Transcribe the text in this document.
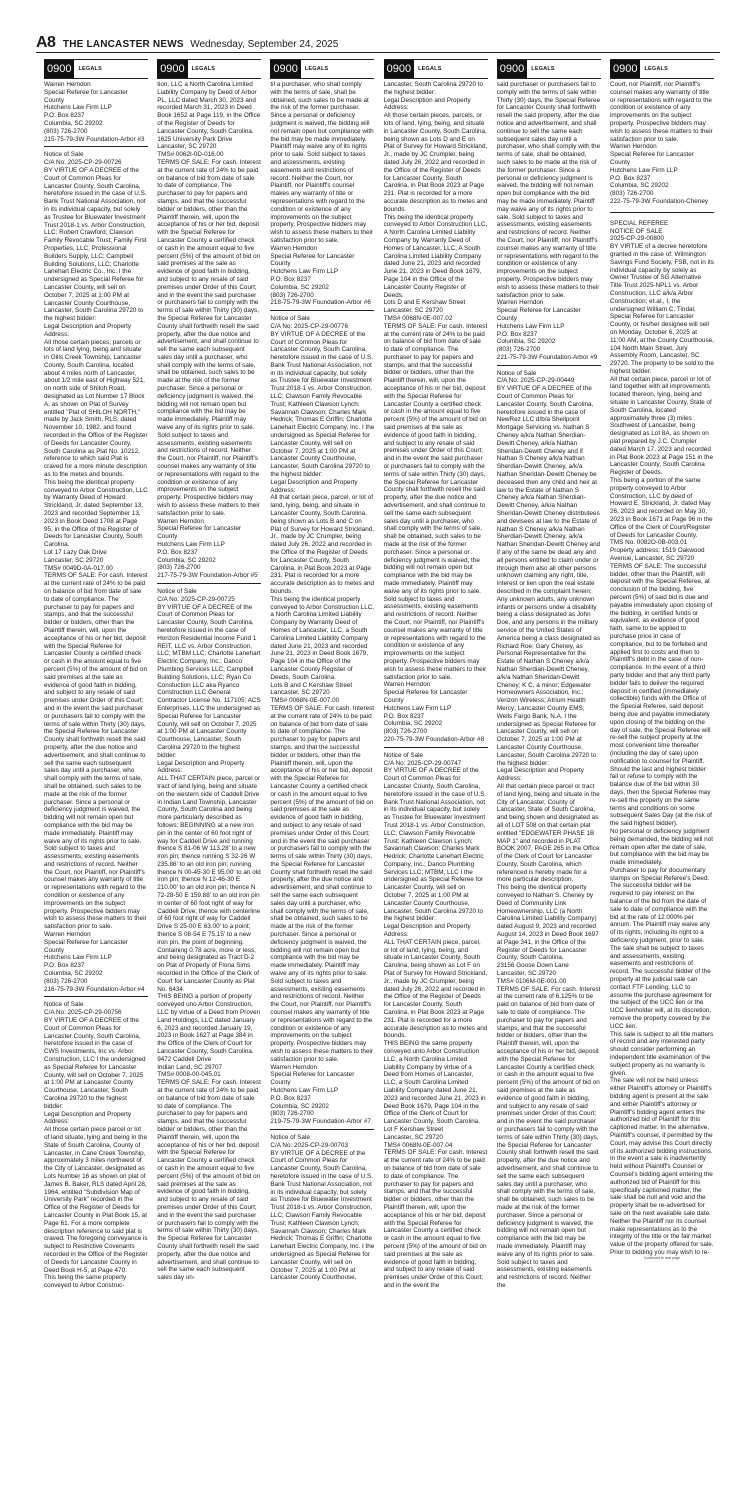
A8 THE LANCASTER NEWS Wednesday, September 24, 2025
0900	LEGALS
Warren Herndon
Special Referee for Lancaster County
Hutchens Law Firm LLP
P.O. Box 8237
Columbia, SC 29202
(803) 726-2700
215-75-79-3W Foundation-Arbor #3
Notice of Sale
C/A No: 2025-CP-29-00726
BY VIRTUE OF A DECREE of the Court of Common Pleas for Lancaster County, South Carolina, heretofore issued in the case of U.S. Bank Trust National Association, not in its individual capacity, but solely as Trustee for Bluewater Investment Trust 2018-1 vs. Arbor Construction, LLC; Robert Crawford; Clawson Family Revocable Trust; Family First Properties, LLC; Professional Builders Supply, LLC; Campbell Building Solutions, LLC; Charlotte Lanehart Electric Co., Inc. I the undersigned as Special Referee for Lancaster County, will sell on October 7, 2025 at 1:00 PM at Lancaster County Courthouse, Lancaster, South Carolina 29720 to the highest bidder:
Legal Description and Property Address:
All those certain pieces, parcels or lots of land lying, being and situate in Gills Creek Township, Lancaster County, South Carolina, located about 4 miles north of Lancaster, about 1/2 mile east of Highway 521, on north side of Shiloh Road, designated as Lot Number 17 Block A, as shown on Plat of Survey entitled "Plat of SHILOH NORTH," made by Jack Smith, RLS, dated November 10, 1982, and found recorded in the Office of the Register of Deeds for Lancaster County, South Carolina as Plat No. 10212, reference to which said Plat is craved for a more minute description as to the metes and bounds.
This being the identical property conveyed to Arbor Construction, LLC by Warranty Deed of Howard Strickland, Jr. dated September 13, 2023 and recorded September 13, 2023 in Book Deed 1708 at Page 95, in the Office of the Register of Deeds for Lancaster County, South Carolina.
Lot 17 Lazy Oak Drive
Lancaster, SC 29720
TMS# 0049D-0A-017.00
TERMS OF SALE: For cash. Interest at the current rate of 24% to be paid on balance of bid from date of sale to date of compliance. The purchaser to pay for papers and stamps, and that the successful bidder or bidders, other than the Plaintiff therein, will, upon the acceptance of his or her bid, deposit with the Special Referee for Lancaster County a certified check or cash in the amount equal to five percent (5%) of the amount of bid on said premises at the sale as evidence of good faith in bidding, and subject to any resale of said premises under Order of this Court; and in the event the said purchaser or purchasers fail to comply with the terms of sale within Thirty (30) days, the Special Referee for Lancaster County shall forthwith resell the said property, after the due notice and advertisement, and shall continue to sell the same each subsequent sales day until a purchaser, who shall comply with the terms of sale, shall be obtained, such sales to be made at the risk of the former purchaser. Since a personal or deficiency judgment is waived, the bidding will not remain open but compliance with the bid may be made immediately. Plaintiff may waive any of its rights prior to sale. Sold subject to taxes and assessments, existing easements and restrictions of record. Neither the Court, nor Plaintiff, nor Plaintiff's counsel makes any warranty of title or representations with regard to the condition or existence of any improvements on the subject property. Prospective bidders may wish to assess these matters to their satisfaction prior to sale.
Warren Herndon
Special Referee for Lancaster County
Hutchens Law Firm LLP
P.O. Box 8237
Columbia, SC 29202
(803) 726-2700
216-75-79-3W Foundation-Arbor #4
Notice of Sale
C/A No: 2025-CP-29-00756
BY VIRTUE OF A DECREE of the Court of Common Pleas for Lancaster County, South Carolina, heretofore issued in the case of CWS Investments, Inc vs. Arbor Construction, LLC I the undersigned as Special Referee for Lancaster County, will sell on October 7, 2025 at 1:00 PM at Lancaster County Courthouse, Lancaster, South Carolina 29720 to the highest bidder:
Legal Description and Property Address:
All those certain piece parcel or lot of land situate, lying and being in the State of South Carolina, County of Lancaster, in Cane Creek Township, approximately 3 miles northwest of the City of Lancaster, designated as Lots Number 16 as shown on plat of James B. Baker, RLS dated April 28, 1964, entitled "Subdivision Map of University Park" recorded in the Office of the Register of Deeds for Lancaster County in Plat Book 15, at Page 61. For a more complete description reference to said plat is craved. The foregoing conveyance is subject to Restrictive Covenants recorded in the Office of the Register of Deeds for Lancaster County in Deed Book H-5, at Page 470.
This being the same property conveyed to Arbor Construc-
0900	LEGALS
tion, LLC a North Carolina Limited Liability Company by Deed of Arbor PL, LLC dated March 30, 2023 and recorded March 31, 2023 in Deed Book 1652 at Page 119, in the Office of the Register of Deeds for Lancaster County, South Carolina.
1625 University Park Drive
Lancaster, SC 29720
TMS# 0062I-0D-016.00
TERMS OF SALE: For cash. Interest at the current rate of 24% to be paid on balance of bid from date of sale to date of compliance. The purchaser to pay for papers and stamps, and that the successful bidder or bidders, other than the Plaintiff therein, will, upon the acceptance of his or her bid, deposit with the Special Referee for Lancaster County a certified check or cash in the amount equal to five percent (5%) of the amount of bid on said premises at the sale as evidence of good faith in bidding, and subject to any resale of said premises under Order of this Court; and in the event the said purchaser or purchasers fail to comply with the terms of sale within Thirty (30) days, the Special Referee for Lancaster County shall forthwith resell the said property, after the due notice and advertisement, and shall continue to sell the same each subsequent sales day until a purchaser, who shall comply with the terms of sale, shall be obtained, such sales to be made at the risk of the former purchaser. Since a personal or deficiency judgment is waived, the bidding will not remain open but compliance with the bid may be made immediately. Plaintiff may waive any of its rights prior to sale. Sold subject to taxes and assessments, existing easements and restrictions of record. Neither the Court, nor Plaintiff, nor Plaintiff's counsel makes any warranty of title or representations with regard to the condition or existence of any improvements on the subject property. Prospective bidders may wish to assess these matters to their satisfaction prior to sale.
Warren Herndon
Special Referee for Lancaster County
Hutchens Law Firm LLP
P.O. Box 8237
Columbia, SC 29202
(803) 726-2700
217-75-79-3W Foundation-Arbor #5
Notice of Sale
C/A No: 2025-CP-29-00725
BY VIRTUE OF A DECREE of the Court of Common Pleas for Lancaster County, South Carolina, heretofore issued in the case of Horizon Residential Income Fund 1 REIT, LLC vs. Arbor Construction, LLC; MTBM LLC; Charlotte Lanehart Electric Company, Inc.; Danco Plumbing Services LLC; Campbell Building Solutions, LLC; Ryan Co Constuction LLC aka Ryanco Construction LLC General Contractor License No. 117105; ACS Enterprises, LLC the undersigned as Special Referee for Lancaster County, will sell on October 7, 2025 at 1:00 PM at Lancaster County Courthouse, Lancaster, South Carolina 29720 to the highest bidder:
Legal Description and Property Address:
ALL THAT CERTAIN piece, parcel or tract of land lying, being and situate on the western side of Caddell Drive in Indian Land Township, Lancaster County, South Carolina and being more particularly described as follows: BEGINNING at a new iron pin in the center of 60 foot right of way for Caddell Drive and running thence S 81-06 W 113.28' to a new iron pin; thence running S 32-26 W 235.86' to an old iron pin; running thence N 00-45-30 E 95.00' to an old iron pin; thence N 12-46-30 E 210.00' to an old iron pin; thence N 72-28-50 E 159.88' to an old iron pin in center of 60 foot right of way for Caddell Drive; thence with centerline of 60 foot right of way for Caddell Drive S 25-00 E 63.00' to a point; thence S 08-54 E 75.15' to a new iron pin, the point of beginning. Containing 0.78 acre, more or less, and being designated as Tract D-2 on Plat of Property of Floria Sims recorded in the Office of the Clerk of Court for Lancaster County as Plat No. 6434.
THIS BEING a portion of property conveyed uno Arbor Construction, LLC by virtue of a Deed from Proven Land Holdings, LLC dated January 6, 2023 and recorded January 19, 2023 in Book 1627 at Page 384 in the Office of the Clerk of Court for Lancaster County, South Carolina.
9472 Caddell Drive
Indian Land, SC 29707
TMS# 0008-00-045.01
TERMS OF SALE: For cash. Interest at the current rate of 24% to be paid on balance of bid from date of sale to date of compliance. The purchaser to pay for papers and stamps, and that the successful bidder or bidders, other than the Plaintiff therein, will, upon the acceptance of his or her bid, deposit with the Special Referee for Lancaster County a certified check or cash in the amount equal to five percent (5%) of the amount of bid on said premises at the sale as evidence of good faith in bidding, and subject to any resale of said premises under Order of this Court; and in the event the said purchaser or purchasers fail to comply with the terms of sale within Thirty (30) days, the Special Referee for Lancaster County shall forthwith resell the said property, after the due notice and advertisement, and shall continue to sell the same each subsequent sales day un-
0900	LEGALS
til a purchaser, who shall comply with the terms of sale, shall be obtained, such sales to be made at the risk of the former purchaser. Since a personal or deficiency judgment is waived, the bidding will not remain open but compliance with the bid may be made immediately. Plaintiff may waive any of its rights prior to sale. Sold subject to taxes and assessments, existing easements and restrictions of record. Neither the Court, nor Plaintiff, nor Plaintiff's counsel makes any warranty of title or representations with regard to the condition or existence of any improvements on the subject property. Prospective bidders may wish to assess these matters to their satisfaction prior to sale.
Warren Herndon
Special Referee for Lancaster County
Hutchens Law Firm LLP
P.O. Box 8237
Columbia, SC 29202
(803) 726-2700
218-75-79-3W Foundation-Arbor #6
Notice of Sale
C/A No: 2025-CP-29-00776
BY VIRTUE OF A DECREE of the Court of Common Pleas for Lancaster County, South Carolina, heretofore issued in the case of U.S. Bank Trust National Association, not in its individual capacity, but solely as Trustee for Bluewater Investment Trust 2018-1 vs. Arbor Construction, LLC; Clawson Family Revocable Trust; Kathleen Clawson Lynch; Savannah Clawson; Charles Mark Hedrick; Thomas E Griffin; Charlotte Lanehart Electric Company, Inc. I the undersigned as Special Referee for Lancaster County, will sell on October 7, 2025 at 1:00 PM at Lancaster County Courthouse, Lancaster, South Carolina 29720 to the highest bidder:
Legal Description and Property Address:
All that certain piece, parcel, or lot of land, lying, being, and situate in Lancaster County, South Carolina, being shown as Lots B and C on Plat of Survey for Howard Strickland, Jr., made by JC Crumpler, being dated July 26, 2022 and recorded in the Office of the Register of Deeds for Lancaster County, South Carolina, in Plat Book 2023 at Page 231. Plat is recorded for a more accurate description as to metes and bounds.
This being the identical property conveyed to Arbor Construction LLC, a North Carolina Limited Liability Company by Warranty Deed of Homes of Lancaster, LLC, a South Carolina Limited Liability Company dated June 21, 2023 and recorded June 21, 2023 in Deed Book 1679, Page 104 in the Office of the Lancaster County Register of Deeds, South Carolina.
Lots B and C Kershaw Street
Lancaster, SC 29720
TMS# 0068N-0E-007.00
TERMS OF SALE: For cash. Interest at the current rate of 24% to be paid on balance of bid from date of sale to date of compliance. The purchaser to pay for papers and stamps, and that the successful bidder or bidders, other than the Plaintiff therein, will, upon the acceptance of his or her bid, deposit with the Special Referee for Lancaster County a certified check or cash in the amount equal to five percent (5%) of the amount of bid on said premises at the sale as evidence of good faith in bidding, and subject to any resale of said premises under Order of this Court; and in the event the said purchaser or purchasers fail to comply with the terms of sale within Thirty (30) days, the Special Referee for Lancaster County shall forthwith resell the said property, after the due notice and advertisement, and shall continue to sell the same each subsequent sales day until a purchaser, who shall comply with the terms of sale, shall be obtained, such sales to be made at the risk of the former purchaser. Since a personal or deficiency judgment is waived, the bidding will not remain open but compliance with the bid may be made immediately. Plaintiff may waive any of its rights prior to sale. Sold subject to taxes and assessments, existing easements and restrictions of record. Neither the Court, nor Plaintiff, nor Plaintiff's counsel makes any warranty of title or representations with regard to the condition or existence of any improvements on the subject property. Prospective bidders may wish to assess these matters to their satisfaction prior to sale.
Warren Herndon
Special Referee for Lancaster County
Hutchens Law Firm LLP
P.O. Box 8237
Columbia, SC 29202
(803) 726-2700
219-75-79-3W Foundation-Arbor #7
Notice of Sale
C/A No: 2025-CP-29-00703
BY VIRTUE OF A DECREE of the Court of Common Pleas for Lancaster County, South Carolina, heretofore issued in the case of U.S. Bank Trust National Association, not in its individual capacity, but solely as Trustee for Bluewater Investment Trust 2018-1 vs. Arbor Construction, LLC; Clawson Family Revocable Trust; Kathleen Clawson Lynch; Savannah Clawson; Charles Mark Hedrick; Thomas E Griffin; Charlotte Lanehart Electric Company, Inc. I the undersigned as Special Referee for Lancaster County, will sell on October 7, 2025 at 1:00 PM at Lancaster County Courthouse,
0900	LEGALS
Lancaster, South Carolina 29720 to the highest bidder:
Legal Description and Property Address:
All those certain pieces, parcels, or lots of land, lying, being, and situate in Lancaster County, South Carolina, being shown as Lots D and E on Plat of Survey for Howard Strickland, Jr., made by JC Crumpler, being dated July 26, 2022 and recorded in the Office of the Register of Deeds for Lancaster County, South Carolina, in Plat Book 2023 at Page 231. Plat is recorded for a more accurate description as to metes and bounds.
This being the identical property conveyed to Arbor Construction LLC, A North Carolina Limited Liability Company by Warranty Deed of Homes of Lancaster, LLC, A South Carolina Limited Liability Company dated June 21, 2023 and recorded June 21, 2023 in Deed Book 1679, Page 104 in the Office of the Lancaster County Register of Deeds.
Lots D and E Kershaw Street
Lancaster, SC 29720
TMS# 0068N-0E-007.02
TERMS OF SALE: For cash. Interest at the current rate of 24% to be paid on balance of bid from date of sale to date of compliance. The purchaser to pay for papers and stamps, and that the successful bidder or bidders, other than the Plaintiff therein, will, upon the acceptance of his or her bid, deposit with the Special Referee for Lancaster County a certified check or cash in the amount equal to five percent (5%) of the amount of bid on said premises at the sale as evidence of good faith in bidding, and subject to any resale of said premises under Order of this Court; and in the event the said purchaser or purchasers fail to comply with the terms of sale within Thirty (30) days, the Special Referee for Lancaster County shall forthwith resell the said property, after the due notice and advertisement, and shall continue to sell the same each subsequent sales day until a purchaser, who shall comply with the terms of sale, shall be obtained, such sales to be made at the risk of the former purchaser. Since a personal or deficiency judgment is waived, the bidding will not remain open but compliance with the bid may be made immediately. Plaintiff may waive any of its rights prior to sale. Sold subject to taxes and assessments, existing easements and restrictions of record. Neither the Court, nor Plaintiff, nor Plaintiff's counsel makes any warranty of title or representations with regard to the condition or existence of any improvements on the subject property. Prospective bidders may wish to assess these matters to their satisfaction prior to sale.
Warren Herndon
Special Referee for Lancaster County
Hutchens Law Firm LLP
P.O. Box 8237
Columbia, SC 29202
(803) 726-2700
220-75-79-3W Foundation-Arbor #8
Notice of Sale
C/A No: 2025-CP-29-00747
BY VIRTUE OF A DECREE of the Court of Common Pleas for Lancaster County, South Carolina, heretofore issued in the case of U.S. Bank Trust National Association, not in its individual capacity, but solely as Trustee for Bluewater Investment Trust 2018-1 vs. Arbor Construction, LLC; Clawson Family Revocable Trust; Kathleen Clawson Lynch; Savannah Clawson; Charles Mark Hedrick; Charlotte Lanehart Electric Company, Inc.; Danco Plumbing Services LLC; MTBM, LLC I the undersigned as Special Referee for Lancaster County, will sell on October 7, 2025 at 1:00 PM at Lancaster County Courthouse, Lancaster, South Carolina 29720 to the highest bidder:
Legal Description and Property Address:
ALL THAT CERTAIN piece, parcel, or lot of land, lying, being, and situate in Lancaster County, South Carolina, being shown as Lot F on Plat of Survey for Howard Strickland, Jr., made by JC Crumpler, being dated July 26, 2022 and recorded in the Office of the Register of Deeds for Lancaster County, South Carolina, in Plat Book 2023 at Page 231. Plat is recorded for a more accurate description as to metes and bounds.
THIS BEING the same property conveyed unto Arbor Construction LLC, a North Carolina Limited Liability Company by virtue of a Deed from Homes of Lancaster, LLC, a South Carolina Limited Liability Company dated June 21, 2023 and recorded June 21, 2023 in Deed Book 1679, Page 104 in the Office of the Clerk of Court for Lancaster County, South Carolina.
Lot F Kershaw Street
Lancaster, SC 29720
TMS# 0068N-0E-007.04
TERMS OF SALE: For cash. Interest at the current rate of 24% to be paid on balance of bid from date of sale to date of compliance. The purchaser to pay for papers and stamps, and that the successful bidder or bidders, other than the Plaintiff therein, will, upon the acceptance of his or her bid, deposit with the Special Referee for Lancaster County a certified check or cash in the amount equal to five percent (5%) of the amount of bid on said premises at the sale as evidence of good faith in bidding, and subject to any resale of said premises under Order of this Court; and in the event the
0900	LEGALS
said purchaser or purchasers fail to comply with the terms of sale within Thirty (30) days, the Special Referee for Lancaster County shall forthwith resell the said property, after the due notice and advertisement, and shall continue to sell the same each subsequent sales day until a purchaser, who shall comply with the terms of sale, shall be obtained, such sales to be made at the risk of the former purchaser. Since a personal or deficiency judgment is waived, the bidding will not remain open but compliance with the bid may be made immediately. Plaintiff may waive any of its rights prior to sale. Sold subject to taxes and assessments, existing easements and restrictions of record. Neither the Court, nor Plaintiff, nor Plaintiff's counsel makes any warranty of title or representations with regard to the condition or existence of any improvements on the subject property. Prospective bidders may wish to assess these matters to their satisfaction prior to sale.
Warren Herndon
Special Referee for Lancaster County
Hutchens Law Firm LLP
P.O. Box 8237
Columbia, SC 29202
(803) 726-2700
221-75-79-3W Foundation-Arbor #9
Notice of Sale
C/A No: 2025-CP-29-00449
BY VIRTUE OF A DECREE of the Court of Common Pleas for Lancaster County, South Carolina, heretofore issued in the case of NewRez LLC d/b/a Shellpoint Mortgage Servicing vs. Nathan S Cheney a/k/a Nathan Sherdian-Dewitt Cheney, a/k/a Nathan Sheridan-Dewitt Cheney and if Nathan S Cheney a/k/a Nathan Sherdian-Dewitt Cheney, a/k/a Nathan Sheridan-Dewitt Cheney be deceased then any child and heir at law to the Estate of Nathan S Cheney a/k/a Nathan Sherdian-Dewitt Cheney, a/k/a Nathan Sheridan-Dewitt Cheney distributees and devisees at law to the Estate of Nathan S Cheney a/k/a Nathan Sherdian-Dewitt Cheney, a/k/a Nathan Sheridan-Dewitt Cheney and if any of the same be dead any and all persons entitled to claim under or through them also all other persons unknown claiming any right, title, interest or lien upon the real estate described in the complaint herein; Any unknown adults, any unknown infants or persons under a disability being a class designated as John Doe, and any persons in the military service of the United States of America being a class designated as Richard Roe; Gary Cheney, as Personal Representative for the Estate of Nathan S Cheney a/k/a Nathan Sherdian-Dewitt Cheney, a/k/a Nathan Sheridan-Dewitt Cheney; K C, a minor; Edgewater Homeowners Association, Inc.; Verizon Wireless; Atrium Health Mercy; Lancaster County EMS; Wells Fargo Bank, N.A. I the undersigned as Special Referee for Lancaster County, will sell on October 7, 2025 at 1:00 PM at Lancaster County Courthouse, Lancaster, South Carolina 29720 to the highest bidder:
Legal Description and Property Address:
All that certain piece parcel or tract of land lying, being and situate in the City of Lancaster, County of Lancaster, State of South Carolina, and being shown and designated as all of LOT 508 on that certain plat entitled "EDGEWATER PHASE 1B MAP 1" and recorded in PLAT BOOK 2007, PAGE 265 in the Office of the Clerk of Court for Lancaster County, South Carolina, which referenced is hereby made for a more particular description.
This being the identical property conveyed to Nathan S. Cheney by Deed of Community Link Homeownership, LLC (a North Carolina Limited Liability Company) dated August 9, 2023 and recorded August 14, 2023 in Deed Book 1697 at Page 341, in the Office of the Register of Deeds for Lancaster County, South Carolina.
23156 Goose Down Lane
Lancaster, SC 29720
TMS# 0106M-0E-001.00
TERMS OF SALE: For cash. Interest at the current rate of 6.125% to be paid on balance of bid from date of sale to date of compliance. The purchaser to pay for papers and stamps, and that the successful bidder or bidders, other than the Plaintiff therein, will, upon the acceptance of his or her bid, deposit with the Special Referee for Lancaster County a certified check or cash in the amount equal to five percent (5%) of the amount of bid on said premises at the sale as evidence of good faith in bidding, and subject to any resale of said premises under Order of this Court; and in the event the said purchaser or purchasers fail to comply with the terms of sale within Thirty (30) days, the Special Referee for Lancaster County shall forthwith resell the said property, after the due notice and advertisement, and shall continue to sell the same each subsequent sales day until a purchaser, who shall comply with the terms of sale, shall be obtained, such sales to be made at the risk of the former purchaser. Since a personal or deficiency judgment is waived, the bidding will not remain open but compliance with the bid may be made immediately. Plaintiff may waive any of its rights prior to sale. Sold subject to taxes and assessments, existing easements and restrictions of record. Neither the
0900	LEGALS
Court, nor Plaintiff, nor Plaintiff's counsel makes any warranty of title or representations with regard to the condition or existence of any improvements on the subject property. Prospective bidders may wish to assess these matters to their satisfaction prior to sale.
Warren Herndon
Special Referee for Lancaster County
Hutchens Law Firm LLP
P.O. Box 8237
Columbia, SC 29202
(803) 726-2700
222-75-79-3W Foundation-Cheney
SPECIAL REFEREE
NOTICE OF SALE
2025-CP-29-00800
BY VIRTUE of a decree heretofore granted in the case of: Wilmington Savings Fund Society, FSB, not in its individual capacity by solely as Owner Trustee of SG Alternative Title Trust 2025-NPL1 vs. Arbor Construction, LLC a/k/a Arbor Construction; et.al., I, the undersigned William C. Tindal, Special Referee for Lancaster County, or his/her designee will sell on Monday, October 6, 2025 at 11:00 AM, at the County Courthouse, 104 North Main Street, Jury Assembly Room, Lancaster, SC 29720. The property to be sold to the highest bidder:
All that certain piece, parcel or lot of land together with all improvements located thereon, lying, being and situate in Lancaster County, State of South Carolina, located approximately three (3) miles Southwest of Lancaster, being designated as Lot 8A, as shown on plat prepared by J.C. Crumpler dated March 17, 2023 and recorded in Plat Book 2023 at Page 151 in the Lancaster County, South Carolina Register of Deeds.
This being a portion of the same property conveyed to Arbor Construction, LLC by deed of Howard E. Strickland, Jr. dated May 26, 2023 and recorded on May 30, 2023 in Book 1671 at Page 96 in the Office of the Clerk of Court/Register of Deeds for Lancaster County.
TMS No. 0082O-0B-003.01
Property address: 1519 Oakwood Avenue, Lancaster, SC 29720
TERMS OF SALE: The successful bidder, other than the Plaintiff, will deposit with the Special Referee, at conclusion of the bidding, five percent (5%) of said bid is due and payable immediately upon closing of the bidding, in certified funds or equivalent, as evidence of good faith, same to be applied to purchase price in case of compliance, but to be forfeited and applied first to costs and then to Plaintiff's debt in the case of non-compliance. In the event of a third party bidder and that any third party bidder fails to deliver the required deposit in certified (immediately collectible) funds with the Office of the Special Referee, said deposit being due and payable immediately upon closing of the bidding on the day of sale, the Special Referee will re-sell the subject property at the most convenient time thereafter (including the day of sale) upon notification to counsel for Plaintiff. Should the last and highest bidder fail or refuse to comply with the balance due of the bid within 30 days, then the Special Referee may re-sell the property on the same terms and conditions on some subsequent Sales Day (at the risk of the said highest bidder).
No personal or deficiency judgment being demanded, the bidding will not remain open after the date of sale, but compliance with the bid may be made immediately.
Purchaser to pay for documentary stamps on Special Referee's Deed. The successful bidder will be required to pay interest on the balance of the bid from the date of sale to date of compliance with the bid at the rate of 12.000% per annum. The Plaintiff may waive any of its rights, including its right to a deficiency judgment, prior to sale.
The sale shall be subject to taxes and assessments, existing easements and restrictions of record. The successful bidder of the property at the judicial sale can contact FTF Lending, LLC to assume the purchase agreement for the subject of the UCC lien or the UCC lienholder will, at its discretion, remove the property covered by the UCC lien.
This sale is subject to all title matters of record and any interested party should consider performing an independent title examination of the subject property as no warranty is given.
The sale will not be held unless either Plaintiff's attorney or Plaintiff's bidding agent is present at the sale and either Plaintiff's attorney or Plaintiff's bidding agent enters the authorized bid of Plaintiff for this captioned matter. In the alternative, Plaintiff's counsel, if permitted by the Court, may advise this Court directly of its authorized bidding instructions. In the event a sale is inadvertently held without Plaintiff's Counsel or Counsel's bidding agent entering the authorized bid of Plaintiff for this specifically captioned matter, the sale shall be null and void and the property shall be re-advertised for sale on the next available sale date.
Neither the Plaintiff nor its counsel make representations as to the integrity of the title or the fair market value of the property offered for sale. Prior to bidding you may wish to re-
Continued to next page
